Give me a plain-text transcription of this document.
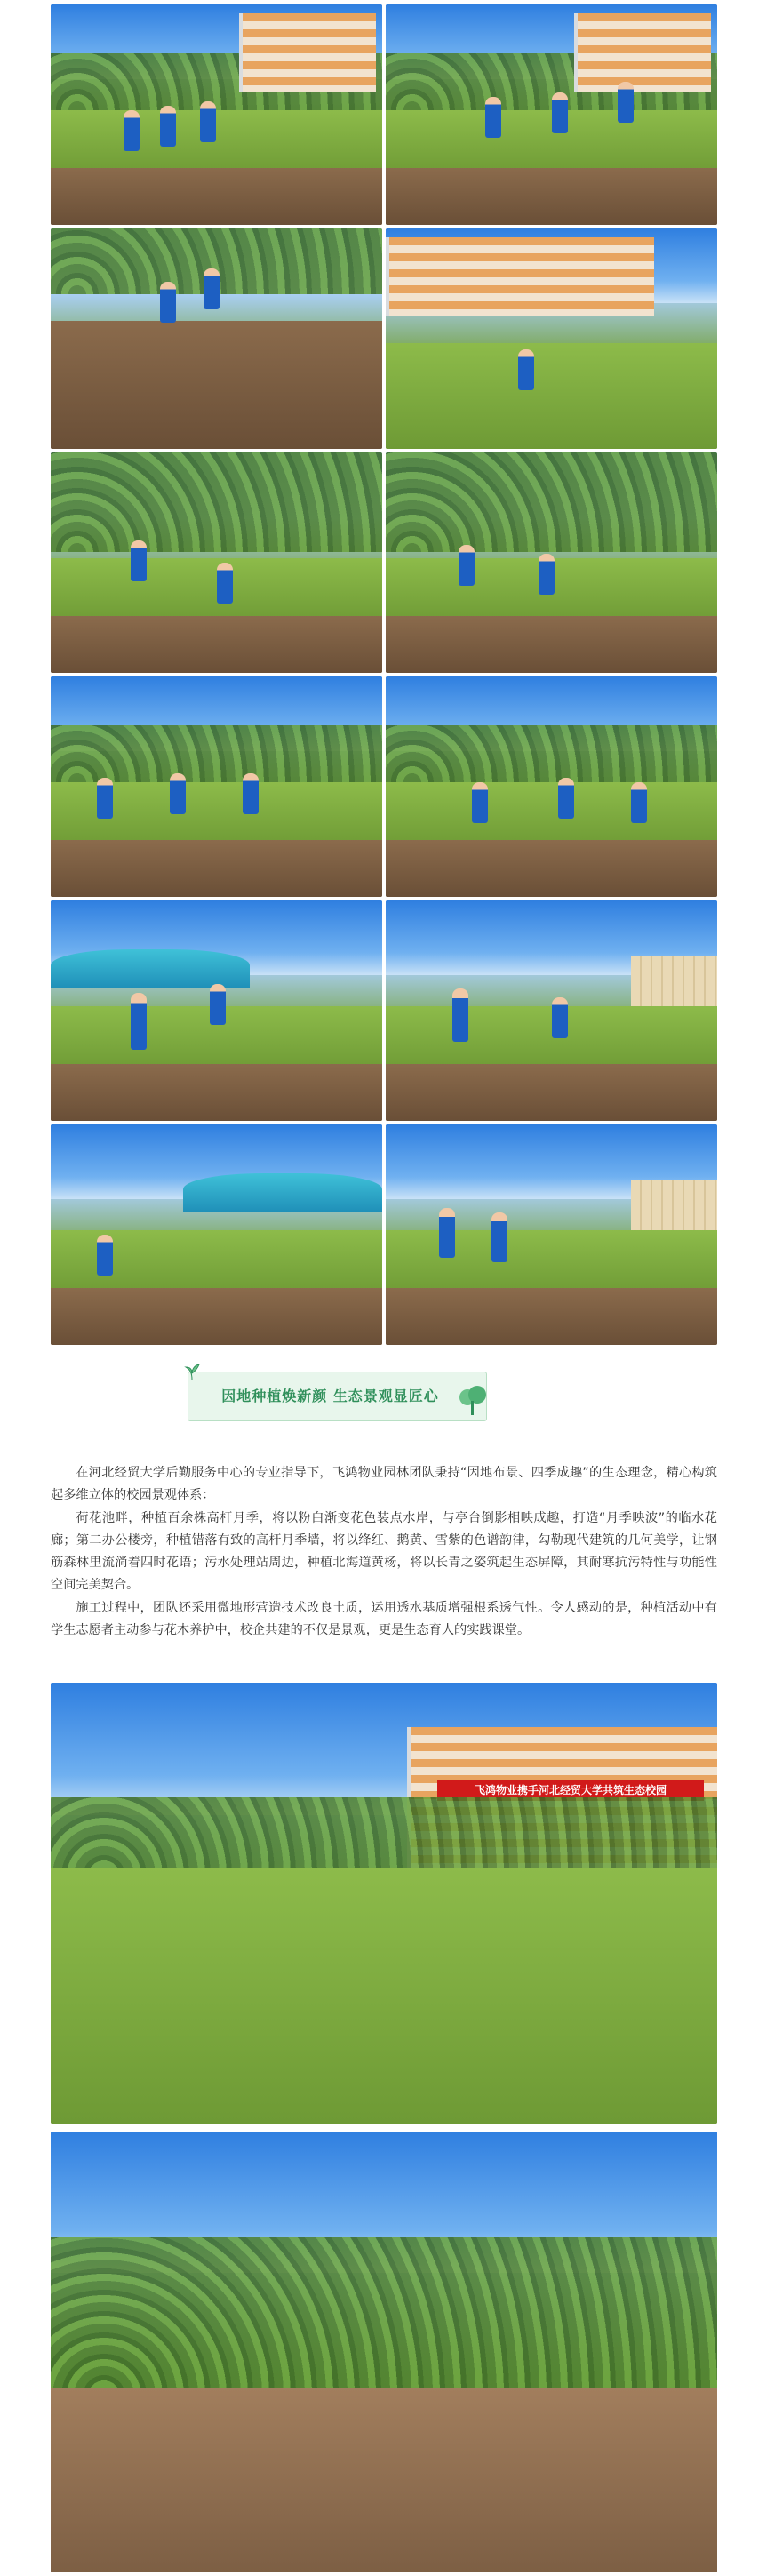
因地种植焕新颜 生态景观显匠心

在河北经贸大学后勤服务中心的专业指导下，飞鸿物业园林团队秉持“因地布景、四季成趣”的生态理念，精心构筑起多维立体的校园景观体系：

荷花池畔，种植百余株高杆月季，将以粉白渐变花色装点水岸，与亭台倒影相映成趣，打造“月季映波”的临水花廊；第二办公楼旁，种植错落有致的高杆月季墙，将以绛红、鹅黄、雪紫的色谱韵律，勾勒现代建筑的几何美学，让钢筋森林里流淌着四时花语；污水处理站周边，种植北海道黄杨，将以长青之姿筑起生态屏障，其耐寒抗污特性与功能性空间完美契合。

施工过程中，团队还采用微地形营造技术改良土质，运用透水基质增强根系透气性。令人感动的是，种植活动中有学生志愿者主动参与花木养护中，校企共建的不仅是景观，更是生态育人的实践课堂。

飞鸿物业携手河北经贸大学共筑生态校园
